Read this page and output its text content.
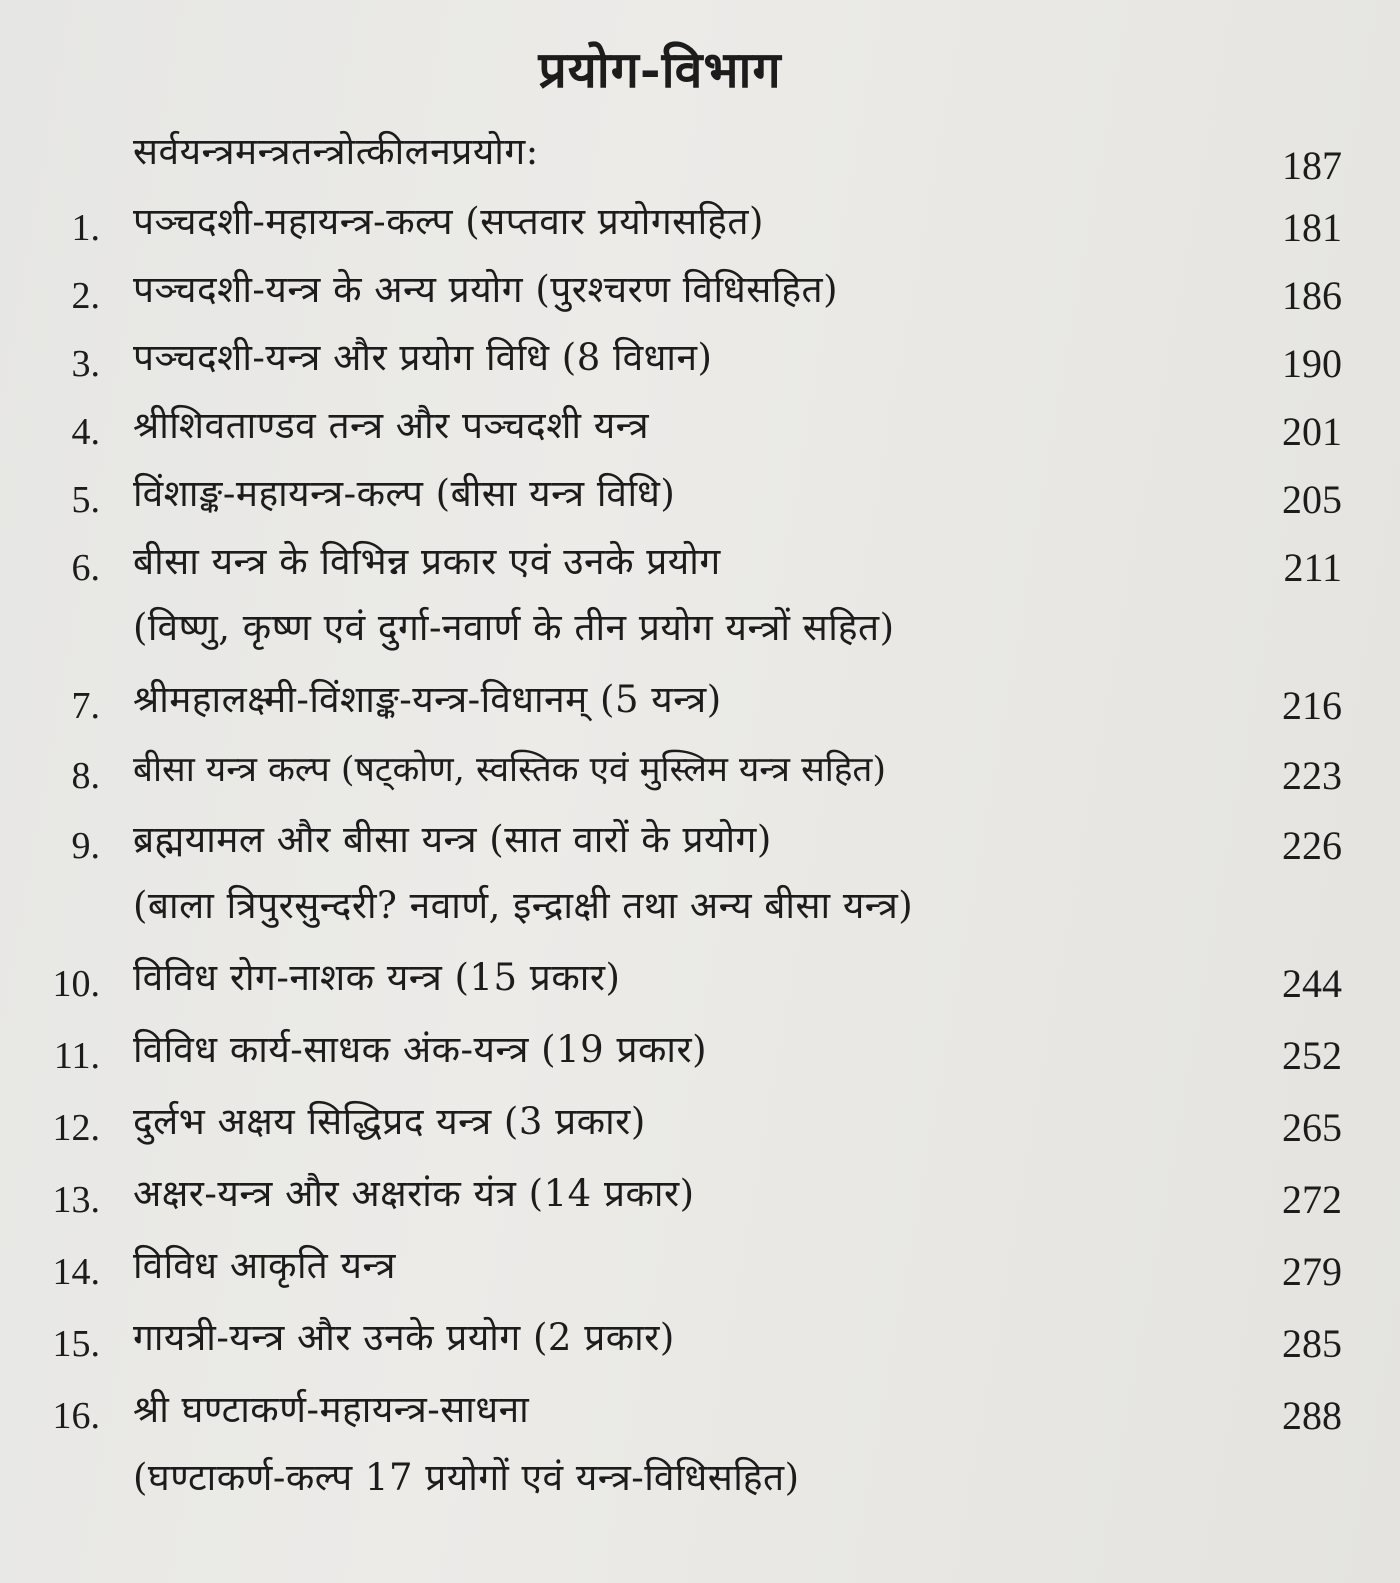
प्रयोग-विभाग
सर्वयन्त्रमन्त्रतन्त्रोत्कीलनप्रयोग:	187
1. पञ्चदशी-महायन्त्र-कल्प (सप्तवार प्रयोगसहित)	181
2. पञ्चदशी-यन्त्र के अन्य प्रयोग (पुरश्चरण विधिसहित)	186
3. पञ्चदशी-यन्त्र और प्रयोग विधि (8 विधान)	190
4. श्रीशिवताण्डव तन्त्र और पञ्चदशी यन्त्र	201
5. विंशाङ्क-महायन्त्र-कल्प (बीसा यन्त्र विधि)	205
6. बीसा यन्त्र के विभिन्न प्रकार एवं उनके प्रयोग	211
(विष्णु, कृष्ण एवं दुर्गा-नवार्ण के तीन प्रयोग यन्त्रों सहित)
7. श्रीमहालक्ष्मी-विंशाङ्क-यन्त्र-विधानम् (5 यन्त्र)	216
8. बीसा यन्त्र कल्प (षट्कोण, स्वस्तिक एवं मुस्लिम यन्त्र सहित)	223
9. ब्रह्मयामल और बीसा यन्त्र (सात वारों के प्रयोग)	226
(बाला त्रिपुरसुन्दरी? नवार्ण, इन्द्राक्षी तथा अन्य बीसा यन्त्र)
10. विविध रोग-नाशक यन्त्र (15 प्रकार)	244
11. विविध कार्य-साधक अंक-यन्त्र (19 प्रकार)	252
12. दुर्लभ अक्षय सिद्धिप्रद यन्त्र (3 प्रकार)	265
13. अक्षर-यन्त्र और अक्षरांक यंत्र (14 प्रकार)	272
14. विविध आकृति यन्त्र	279
15. गायत्री-यन्त्र और उनके प्रयोग (2 प्रकार)	285
16. श्री घण्टाकर्ण-महायन्त्र-साधना	288
(घण्टाकर्ण-कल्प 17 प्रयोगों एवं यन्त्र-विधिसहित)
